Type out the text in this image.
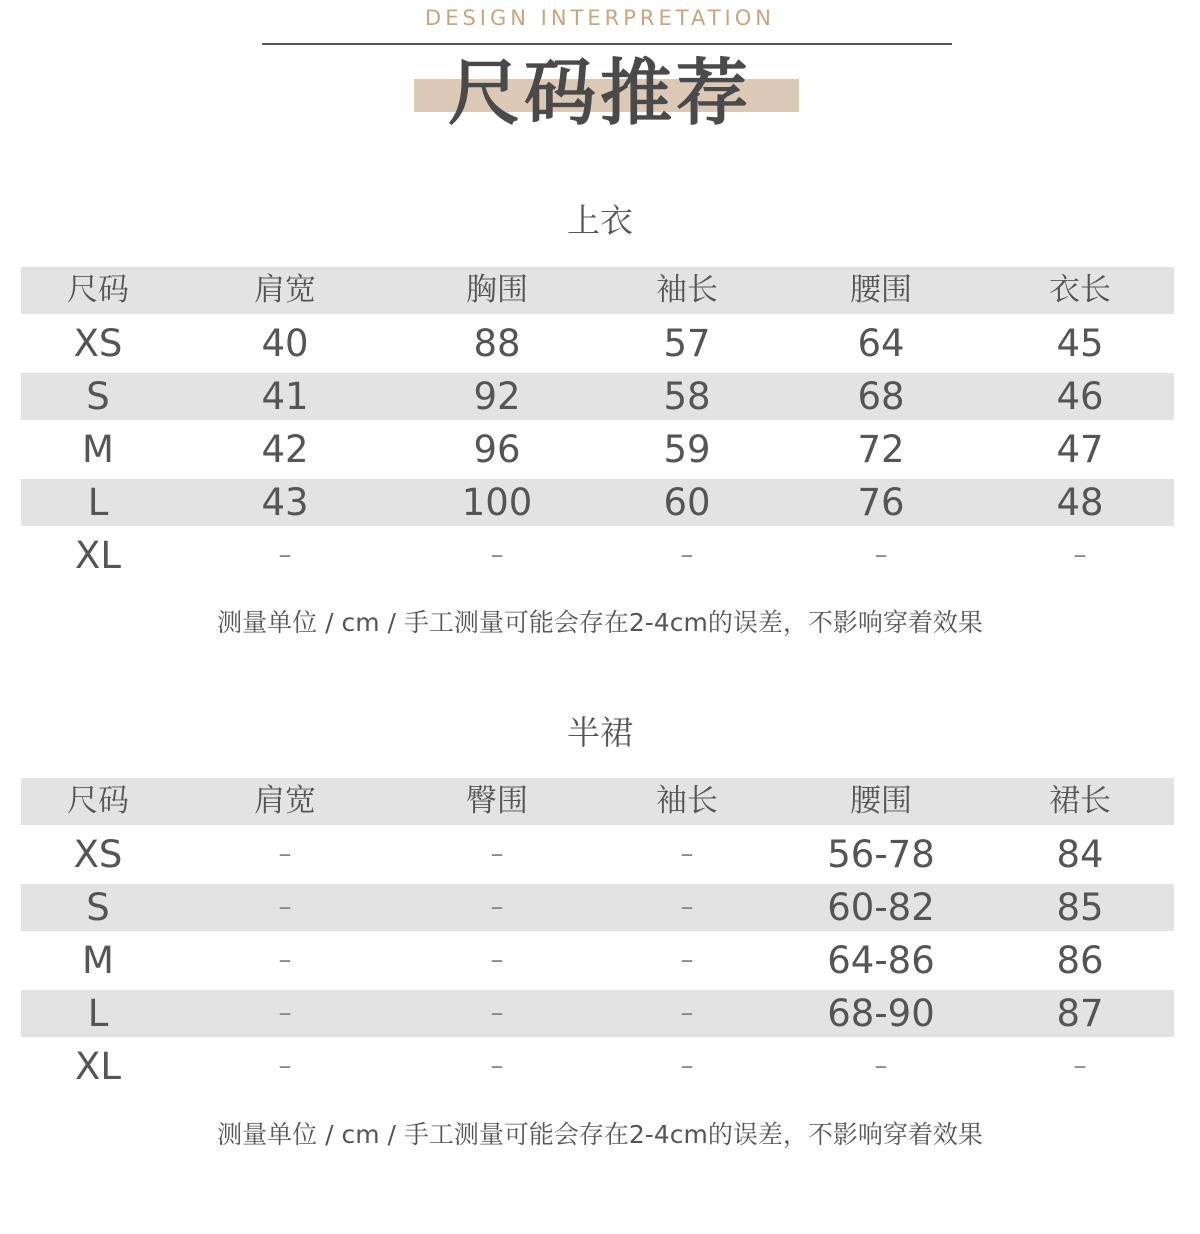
DESIGN INTERPRETATION
尺码推荐
上衣
尺码	肩宽	胸围	袖长	腰围	衣长
XS	40	88	57	64	45
S	41	92	58	68	46
M	42	96	59	72	47
L	43	100	60	76	48
XL	–	–	–	–	–
测量单位 / cm / 手工测量可能会存在2-4cm的误差，不影响穿着效果
半裙
尺码	肩宽	臀围	袖长	腰围	裙长
XS	–	–	–	56-78	84
S	–	–	–	60-82	85
M	–	–	–	64-86	86
L	–	–	–	68-90	87
XL	–	–	–	–	–
测量单位 / cm / 手工测量可能会存在2-4cm的误差，不影响穿着效果
